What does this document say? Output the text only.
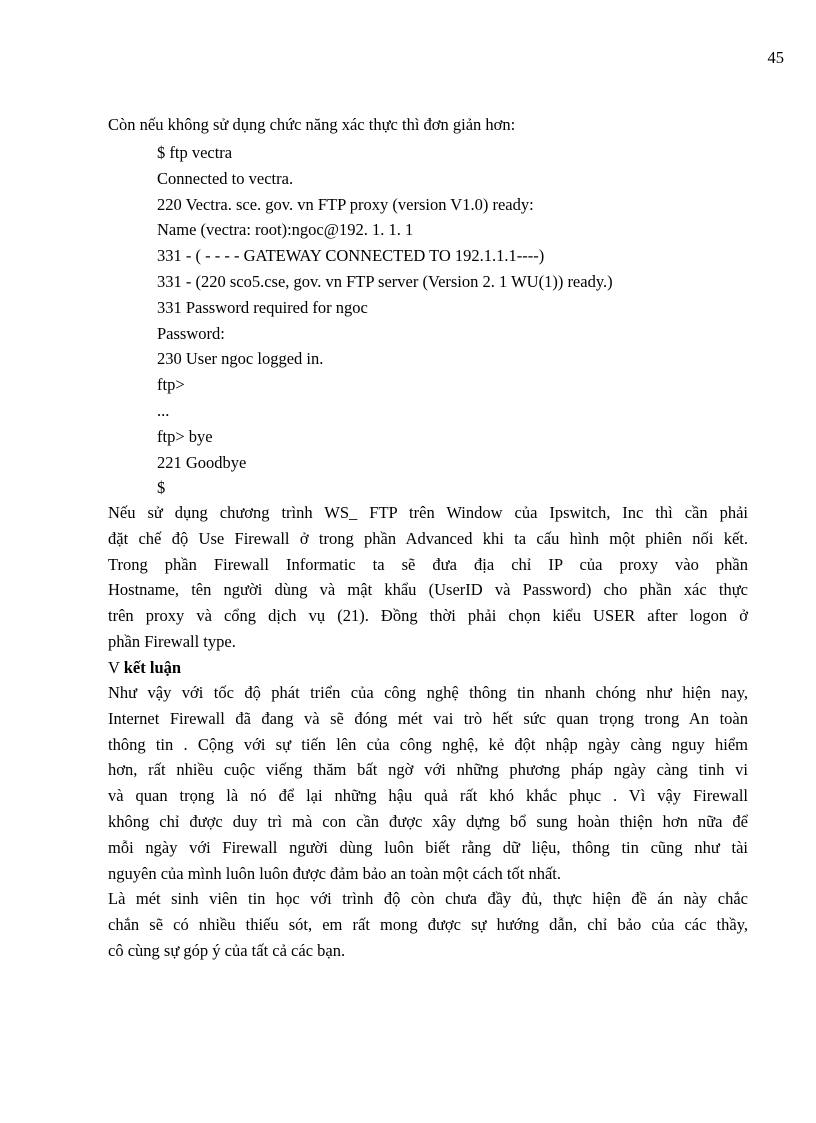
45
Còn nếu không sử dụng chức năng xác thực thì đơn giản hơn:
$ ftp vectra
Connected to vectra.
220 Vectra. sce. gov. vn FTP proxy (version V1.0) ready:
Name (vectra: root):ngoc@192. 1. 1. 1
331 - ( - - - - GATEWAY CONNECTED TO 192.1.1.1----)
331 - (220 sco5.cse, gov. vn FTP server (Version 2. 1 WU(1)) ready.)
331 Password required for ngoc
Password:
230 User ngoc logged in.
ftp>
...
ftp> bye
221 Goodbye
$
Nếu sử dụng chương trình WS_ FTP trên Window của Ipswitch, Inc thì cần phải
đặt chế độ Use Firewall ở trong phần Advanced khi ta cấu hình một phiên nối kết.
Trong phần Firewall Informatic ta sẽ đưa địa chỉ IP của proxy vào phần
Hostname, tên người dùng và mật khẩu (UserID và Password) cho phần xác thực
trên proxy và cổng dịch vụ (21). Đồng thời phải chọn kiểu USER after logon ở
phần Firewall type.
V kết luận
Như vậy với tốc độ phát triển của công nghệ thông tin nhanh chóng như hiện nay,
Internet Firewall đã đang và sẽ đóng mét vai trò hết sức quan trọng trong An toàn
thông tin . Cộng với sự tiến lên của công nghệ, kẻ đột nhập ngày càng nguy hiểm
hơn, rất nhiều cuộc viếng thăm bất ngờ với những phương pháp ngày càng tinh vi
và quan trọng là nó để lại những hậu quả rất khó khắc phục . Vì vậy Firewall
không chỉ được duy trì mà con cần được xây dựng bổ sung hoàn thiện hơn nữa để
mỗi ngày với Firewall người dùng luôn biết rằng dữ liệu, thông tin cũng như tài
nguyên của mình luôn luôn được đảm bảo an toàn một cách tốt nhất.
Là mét sinh viên tin học với trình độ còn chưa đầy đủ, thực hiện đề án này chắc
chắn sẽ có nhiều thiếu sót, em rất mong được sự hướng dẫn, chỉ bảo của các thầy,
cô cùng sự góp ý của tất cả các bạn.
